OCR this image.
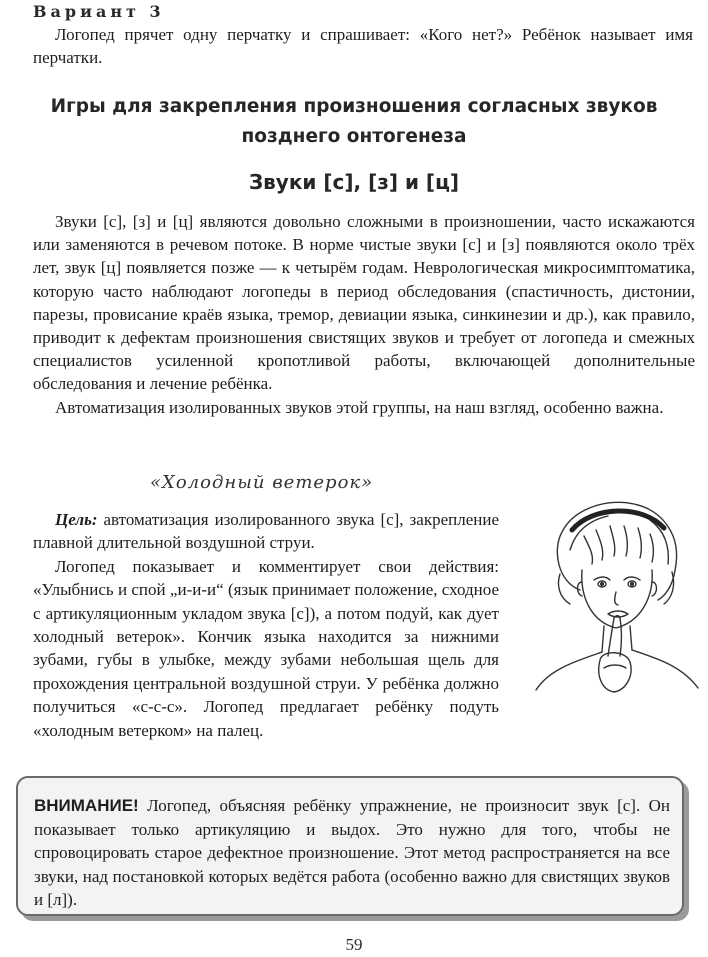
Вариант 3

Логопед прячет одну перчатку и спрашивает: «Кого нет?» Ребёнок называет имя перчатки.

Игры для закрепления произношения согласных звуков позднего онтогенеза
Звуки [с], [з] и [ц]

Звуки [с], [з] и [ц] являются довольно сложными в произношении, часто искажаются или заменяются в речевом потоке. В норме чистые звуки [с] и [з] появляются около трёх лет, звук [ц] появляется позже — к четырём годам. Неврологическая микросимптоматика, которую часто наблюдают логопеды в период обследования (спастичность, дистонии, парезы, провисание краёв языка, тремор, девиации языка, синкинезии и др.), как правило, приводит к дефектам произношения свистящих звуков и требует от логопеда и смежных специалистов усиленной кропотливой работы, включающей дополнительные обследования и лечение ребёнка.

Автоматизация изолированных звуков этой группы, на наш взгляд, особенно важна.

«Холодный ветерок»

Цель: автоматизация изолированного звука [с], закрепление плавной длительной воздушной струи.

Логопед показывает и комментирует свои действия: «Улыбнись и спой „и-и-и“ (язык принимает положение, сходное с артикуляционным укладом звука [с]), а потом подуй, как дует холодный ветерок». Кончик языка находится за нижними зубами, губы в улыбке, между зубами небольшая щель для прохождения центральной воздушной струи. У ребёнка должно получиться «с-с-с». Логопед предлагает ребёнку подуть «холодным ветерком» на палец.

ВНИМАНИЕ! Логопед, объясняя ребёнку упражнение, не произносит звук [с]. Он показывает только артикуляцию и выдох. Это нужно для того, чтобы не спровоцировать старое дефектное произношение. Этот метод распространяется на все звуки, над постановкой которых ведётся работа (особенно важно для свистящих звуков и [л]).

59
